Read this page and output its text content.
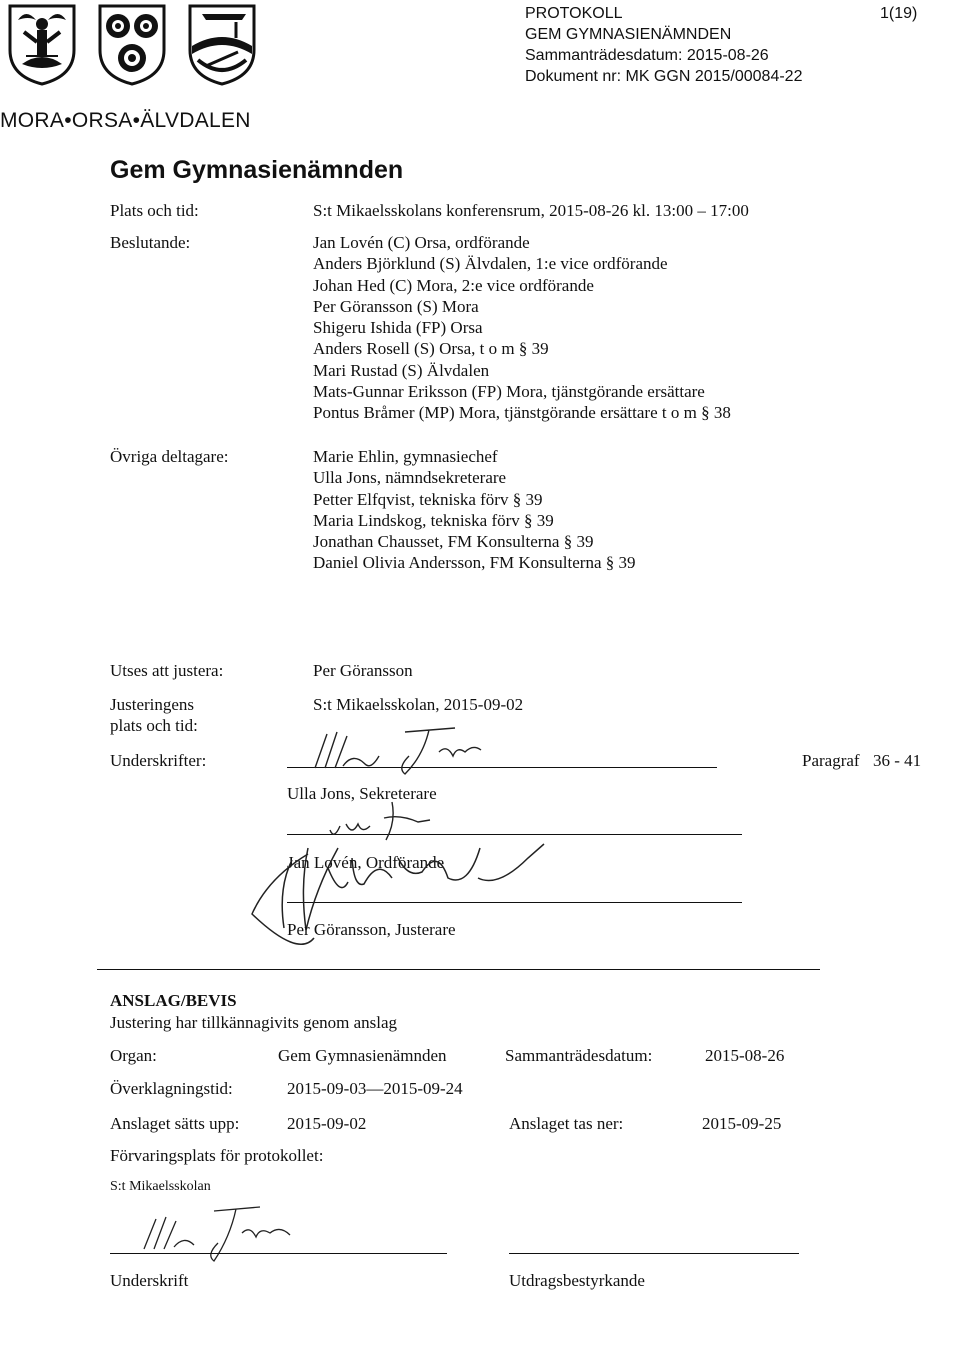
MORA•ORSA•ÄLVDALEN
PROTOKOLL
GEM GYMNASIENÄMNDEN
Sammanträdesdatum: 2015-08-26
Dokument nr: MK GGN 2015/00084-22
1(19)
Gem Gymnasienämnden
Plats och tid:	S:t Mikaelsskolans konferensrum, 2015-08-26 kl. 13:00 – 17:00
Beslutande:	Jan Lovén (C) Orsa, ordförande
Anders Björklund (S) Älvdalen, 1:e vice ordförande
Johan Hed (C) Mora, 2:e vice ordförande
Per Göransson (S) Mora
Shigeru Ishida (FP) Orsa
Anders Rosell (S) Orsa, t o m § 39
Mari Rustad (S) Älvdalen
Mats-Gunnar Eriksson (FP) Mora, tjänstgörande ersättare
Pontus Bråmer (MP) Mora, tjänstgörande ersättare t o m § 38
Övriga deltagare:	Marie Ehlin, gymnasiechef
Ulla Jons, nämndsekreterare
Petter Elfqvist, tekniska förv § 39
Maria Lindskog, tekniska förv § 39
Jonathan Chausset, FM Konsulterna § 39
Daniel Olivia Andersson, FM Konsulterna § 39
Utses att justera:	Per Göransson
Justeringens
plats och tid:
S:t Mikaelsskolan, 2015-09-02
Underskrifter:	Paragraf 36 - 41
Ulla Jons, Sekreterare
Jan Lovén, Ordförande
Per Göransson, Justerare
ANSLAG/BEVIS
Justering har tillkännagivits genom anslag
Organ:	Gem Gymnasienämnden	Sammanträdesdatum:	2015-08-26
Överklagningstid:	2015-09-03—2015-09-24
Anslaget sätts upp:	2015-09-02	Anslaget tas ner:	2015-09-25
Förvaringsplats för protokollet:
S:t Mikaelsskolan
Underskrift	Utdragsbestyrkande
